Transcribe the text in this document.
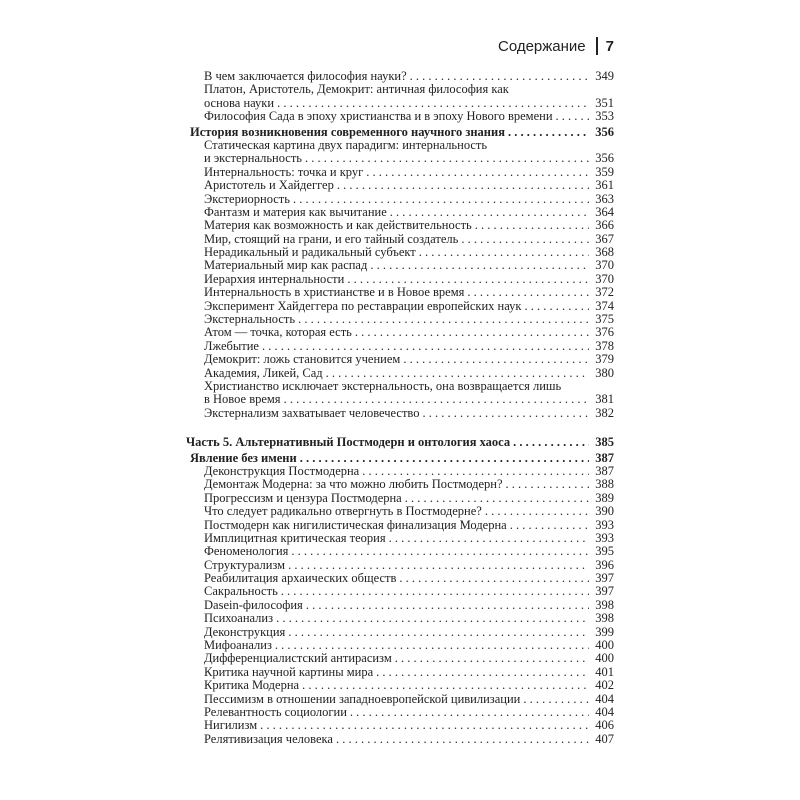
Содержание 7
В чем заключается философия науки? . . .	349
Платон, Аристотель, Демокрит: античная философия как
основа науки . . .	351
Философия Сада в эпоху христианства и в эпоху Нового времени . . .	353
История возникновения современного научного знания . . .	356
Статическая картина двух парадигм: интернальность
и экстернальность . . .	356
Интернальность: точка и круг . . .	359
Аристотель и Хайдеггер . . .	361
Экстериорность . . .	363
Фантазм и материя как вычитание . . .	364
Материя как возможность и как действительность . . .	366
Мир, стоящий на грани, и его тайный создатель . . .	367
Нерадикальный и радикальный субъект . . .	368
Материальный мир как распад . . .	370
Иерархия интернальности . . .	370
Интернальность в христианстве и в Новое время . . .	372
Эксперимент Хайдеггера по реставрации европейских наук . . .	374
Экстернальность . . .	375
Атом — точка, которая есть . . .	376
Лжебытие . . .	378
Демокрит: ложь становится учением . . .	379
Академия, Ликей, Сад . . .	380
Христианство исключает экстернальность, она возвращается лишь
в Новое время . . .	381
Экстернализм захватывает человечество . . .	382
Часть 5. Альтернативный Постмодерн и онтология хаоса . . .	385
Явление без имени . . .	387
Деконструкция Постмодерна . . .	387
Демонтаж Модерна: за что можно любить Постмодерн? . . .	388
Прогрессизм и цензура Постмодерна . . .	389
Что следует радикально отвергнуть в Постмодерне? . . .	390
Постмодерн как нигилистическая финализация Модерна . . .	393
Имплицитная критическая теория . . .	393
Феноменология . . .	395
Структурализм . . .	396
Реабилитация архаических обществ . . .	397
Сакральность . . .	397
Dasein-философия . . .	398
Психоанализ . . .	398
Деконструкция . . .	399
Мифоанализ . . .	400
Дифференциалистский антирасизм . . .	400
Критика научной картины мира . . .	401
Критика Модерна . . .	402
Пессимизм в отношении западноевропейской цивилизации . . .	404
Релевантность социологии . . .	404
Нигилизм . . .	406
Релятивизация человека . . .	407
